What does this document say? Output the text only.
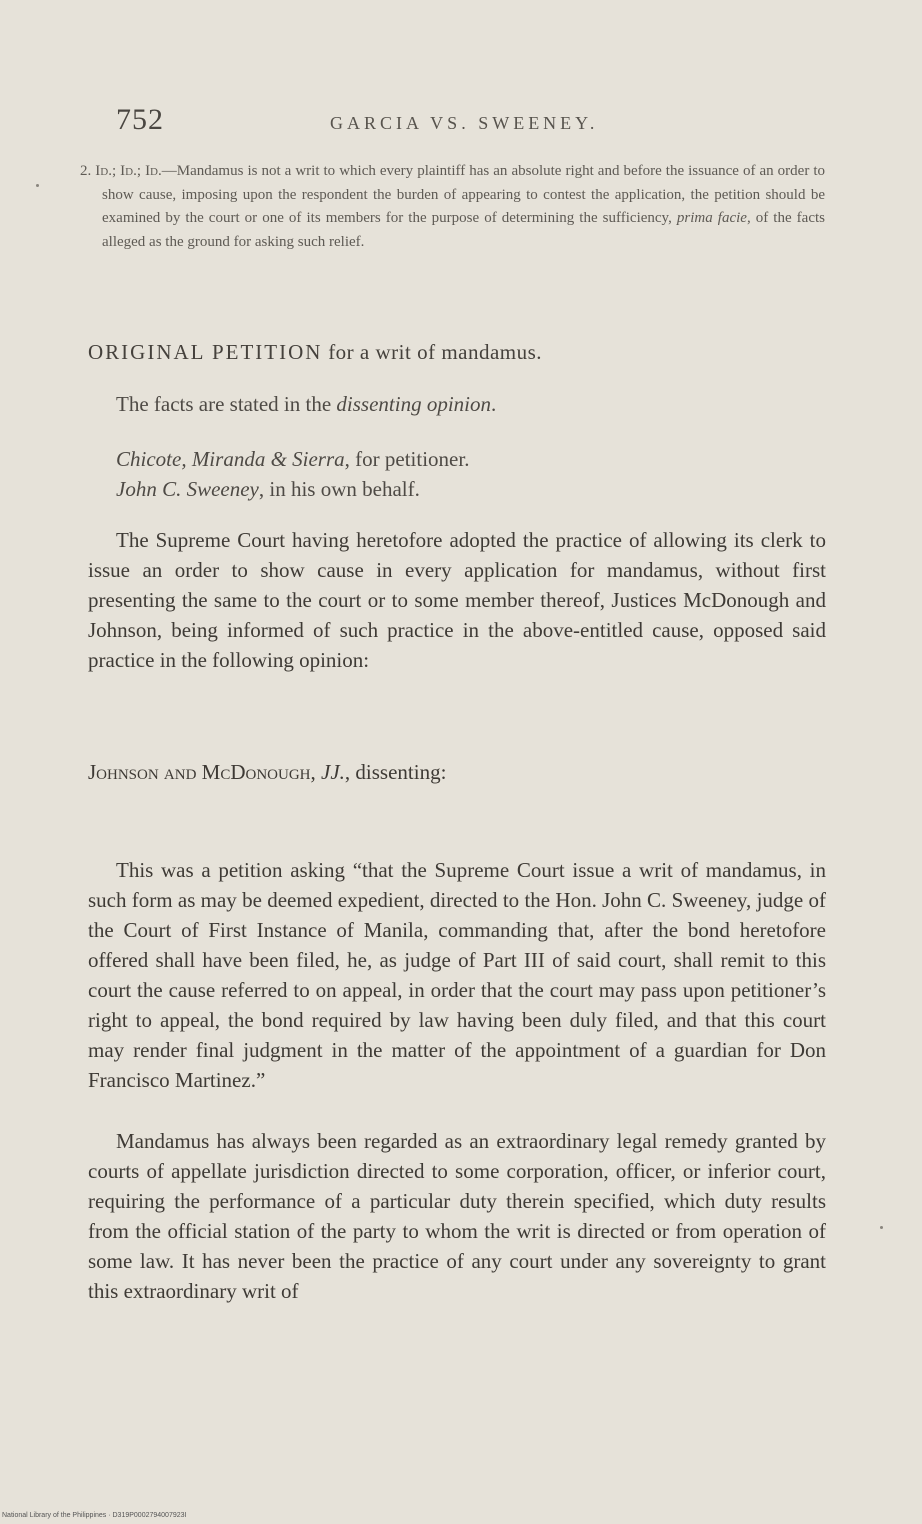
752	GARCIA VS. SWEENEY.
2. Id.; Id.; Id.—Mandamus is not a writ to which every plaintiff has an absolute right and before the issuance of an order to show cause, imposing upon the respondent the burden of appearing to contest the application, the petition should be examined by the court or one of its members for the purpose of determining the sufficiency, prima facie, of the facts alleged as the ground for asking such relief.
ORIGINAL PETITION for a writ of mandamus.
The facts are stated in the dissenting opinion.
Chicote, Miranda & Sierra, for petitioner.
John C. Sweeney, in his own behalf.
The Supreme Court having heretofore adopted the practice of allowing its clerk to issue an order to show cause in every application for mandamus, without first presenting the same to the court or to some member thereof, Justices McDonough and Johnson, being informed of such practice in the above-entitled cause, opposed said practice in the following opinion:
Johnson and McDonough, JJ., dissenting:
This was a petition asking “that the Supreme Court issue a writ of mandamus, in such form as may be deemed expedient, directed to the Hon. John C. Sweeney, judge of the Court of First Instance of Manila, commanding that, after the bond heretofore offered shall have been filed, he, as judge of Part III of said court, shall remit to this court the cause referred to on appeal, in order that the court may pass upon petitioner’s right to appeal, the bond required by law having been duly filed, and that this court may render final judgment in the matter of the appointment of a guardian for Don Francisco Martinez.”
Mandamus has always been regarded as an extraordinary legal remedy granted by courts of appellate jurisdiction directed to some corporation, officer, or inferior court, requiring the performance of a particular duty therein specified, which duty results from the official station of the party to whom the writ is directed or from operation of some law. It has never been the practice of any court under any sovereignty to grant this extraordinary writ of
National Library of the Philippines · D319P0002794007923I
